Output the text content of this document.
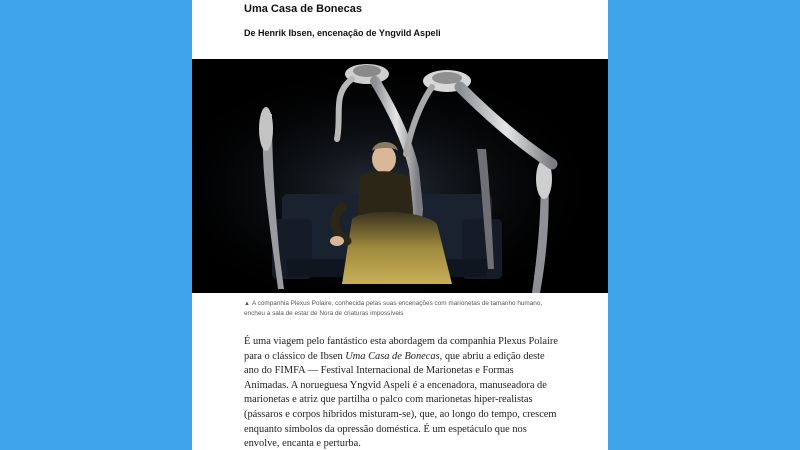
Uma Casa de Bonecas

De Henrik Ibsen, encenação de Yngvild Aspeli

▲ A companhia Plexus Polaire, conhecida pelas suas encenações com marionetas de tamanho humano, encheu a sala de estar de Nora de criaturas impossíveis

É uma viagem pelo fantástico esta abordagem da companhia Plexus Polaire para o clássico de Ibsen Uma Casa de Bonecas, que abriu a edição deste ano do FIMFA — Festival Internacional de Marionetas e Formas Animadas. A norueguesa Yngvid Aspeli é a encenadora, manuseadora de marionetas e atriz que partilha o palco com marionetas hiper-realistas (pássaros e corpos híbridos misturam-se), que, ao longo do tempo, crescem enquanto símbolos da opressão doméstica. É um espetáculo que nos envolve, encanta e perturba.
